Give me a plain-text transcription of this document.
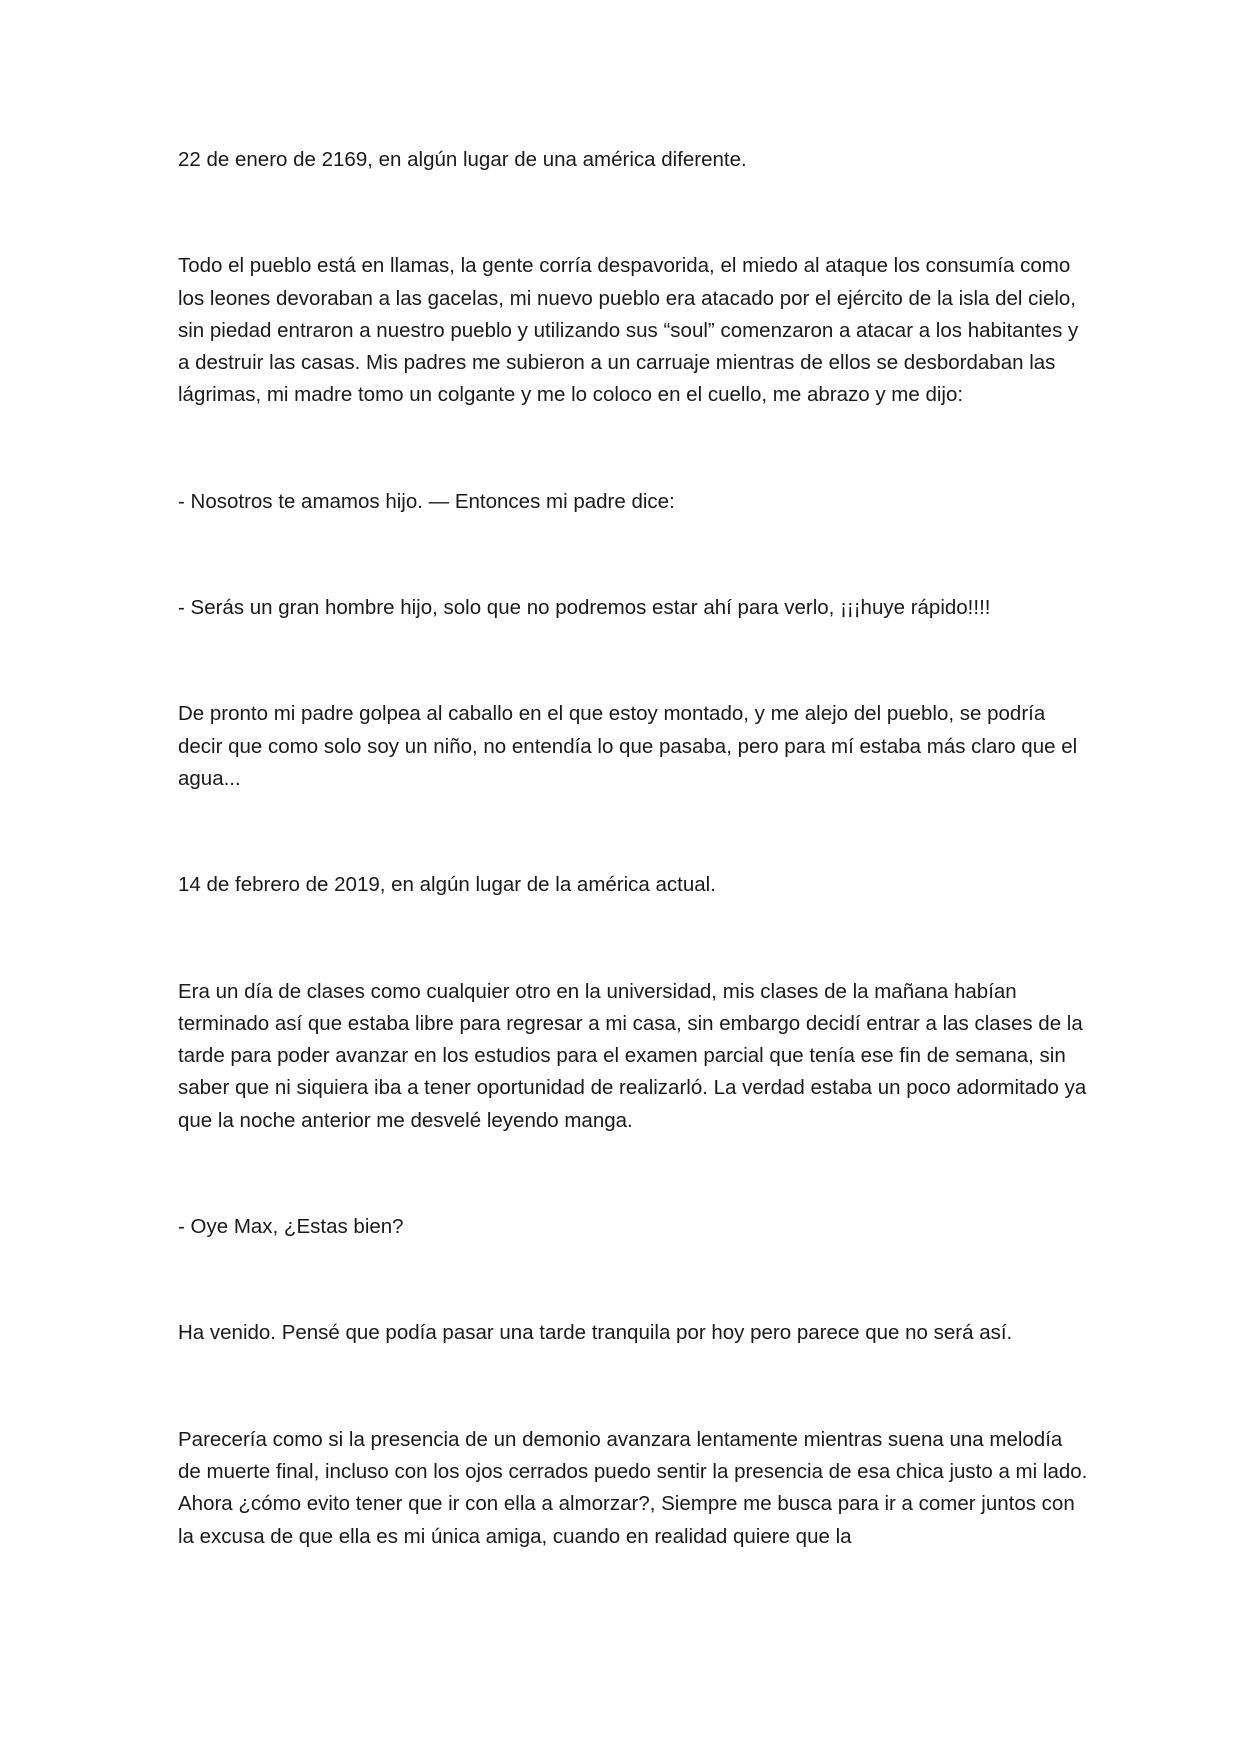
22 de enero de 2169, en algún lugar de una américa diferente.

Todo el pueblo está en llamas, la gente corría despavorida, el miedo al ataque los consumía como los leones devoraban a las gacelas, mi nuevo pueblo era atacado por el ejército de la isla del cielo, sin piedad entraron a nuestro pueblo y utilizando sus “soul” comenzaron a atacar a los habitantes y a destruir las casas. Mis padres me subieron a un carruaje mientras de ellos se desbordaban las lágrimas, mi madre tomo un colgante y me lo coloco en el cuello, me abrazo y me dijo:

- Nosotros te amamos hijo. — Entonces mi padre dice:

- Serás un gran hombre hijo, solo que no podremos estar ahí para verlo, ¡¡¡huye rápido!!!!

De pronto mi padre golpea al caballo en el que estoy montado, y me alejo del pueblo, se podría decir que como solo soy un niño, no entendía lo que pasaba, pero para mí estaba más claro que el agua...

14 de febrero de 2019, en algún lugar de la américa actual.

Era un día de clases como cualquier otro en la universidad, mis clases de la mañana habían terminado así que estaba libre para regresar a mi casa, sin embargo decidí entrar a las clases de la tarde para poder avanzar en los estudios para el examen parcial que tenía ese fin de semana, sin saber que ni siquiera iba a tener oportunidad de realizarló. La verdad estaba un poco adormitado ya que la noche anterior me desvelé leyendo manga.

- Oye Max, ¿Estas bien?

Ha venido. Pensé que podía pasar una tarde tranquila por hoy pero parece que no será así.

Parecería como si la presencia de un demonio avanzara lentamente mientras suena una melodía de muerte final, incluso con los ojos cerrados puedo sentir la presencia de esa chica justo a mi lado. Ahora ¿cómo evito tener que ir con ella a almorzar?, Siempre me busca para ir a comer juntos con la excusa de que ella es mi única amiga, cuando en realidad quiere que la
